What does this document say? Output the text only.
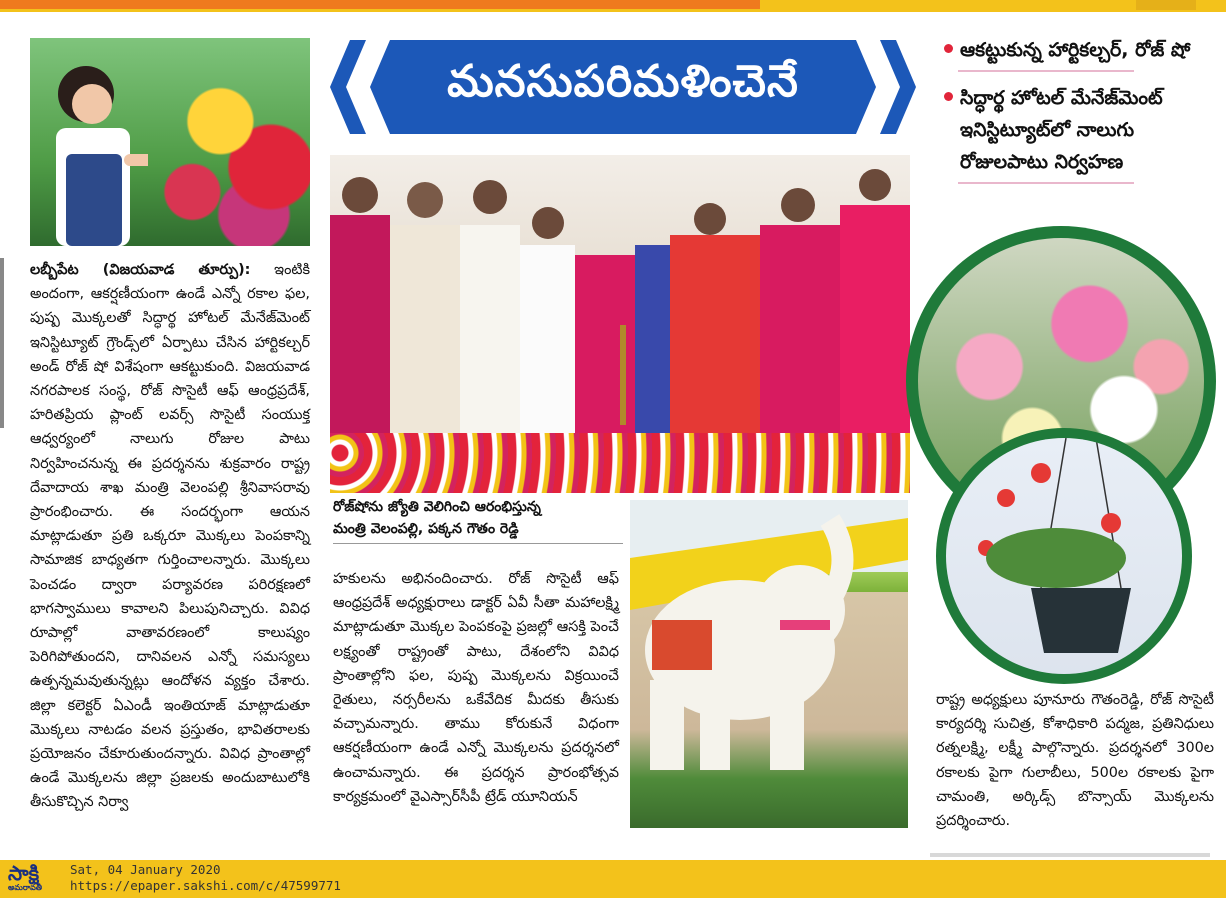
మనసుపరిమళించెనే

రోజ్‌షోను జ్యోతి వెలిగించి ఆరంభిస్తున్న

మంత్రి వెలంపల్లి, పక్కన గౌతం రెడ్డి

ఆకట్టుకున్న హార్టికల్చర్, రోజ్ షో
సిద్ధార్థ హోటల్ మేనేజ్‌మెంట్ ఇనిస్టిట్యూట్‌లో నాలుగు రోజులపాటు నిర్వహణ

లబ్బీపేట (విజయవాడ తూర్పు): ఇంటికి అందంగా, ఆకర్షణీయంగా ఉండే ఎన్నో రకాల ఫల, పుష్ప మొక్కలతో సిద్ధార్థ హోటల్ మేనేజ్‌మెంట్ ఇనిస్టిట్యూట్ గ్రౌండ్స్‌లో ఏర్పాటు చేసిన హార్టికల్చర్ అండ్ రోజ్ షో విశేషంగా ఆకట్టుకుంది. విజయవాడ నగరపాలక సంస్థ, రోజ్ సొసైటీ ఆఫ్ ఆంధ్రప్రదేశ్, హరితప్రియ ప్లాంట్ లవర్స్ సొసైటీ సంయుక్త ఆధ్వర్యంలో నాలుగు రోజుల పాటు నిర్వహించనున్న ఈ ప్రదర్శనను శుక్రవారం రాష్ట్ర దేవాదాయ శాఖ మంత్రి వెలంపల్లి శ్రీనివాసరావు ప్రారంభించారు. ఈ సందర్భంగా ఆయన మాట్లాడుతూ ప్రతి ఒక్కరూ మొక్కలు పెంపకాన్ని సామాజిక బాధ్యతగా గుర్తించాలన్నారు. మొక్కలు పెంచడం ద్వారా పర్యావరణ పరిరక్షణలో భాగస్వాములు కావాలని పిలుపునిచ్చారు. వివిధ రూపాల్లో వాతావరణంలో కాలుష్యం పెరిగిపోతుందని, దానివలన ఎన్నో సమస్యలు ఉత్పన్నమవుతున్నట్లు ఆందోళన వ్యక్తం చేశారు. జిల్లా కలెక్టర్ ఏఎండీ ఇంతియాజ్ మాట్లాడుతూ మొక్కలు నాటడం వలన ప్రస్తుతం, భావితరాలకు ప్రయోజనం చేకూరుతుందన్నారు. వివిధ ప్రాంతాల్లో ఉండే మొక్కలను జిల్లా ప్రజలకు అందుబాటులోకి తీసుకొచ్చిన నిర్వా

హకులను అభినందించారు. రోజ్ సొసైటీ ఆఫ్ ఆంధ్రప్రదేశ్ అధ్యక్షురాలు డాక్టర్ ఏవీ సీతా మహాలక్ష్మి మాట్లాడుతూ మొక్కల పెంపకంపై ప్రజల్లో ఆసక్తి పెంచే లక్ష్యంతో రాష్ట్రంతో పాటు, దేశంలోని వివిధ ప్రాంతాల్లోని ఫల, పుష్ప మొక్కలను విక్రయించే రైతులు, నర్సరీలను ఒకేవేదిక మీదకు తీసుకు వచ్చామన్నారు. తాము కోరుకునే విధంగా ఆకర్షణీయంగా ఉండే ఎన్నో మొక్కలను ప్రదర్శనలో ఉంచామన్నారు. ఈ ప్రదర్శన ప్రారంభోత్సవ కార్యక్రమంలో వైఎస్సార్‌సీపీ ట్రేడ్ యూనియన్

రాష్ట్ర అధ్యక్షులు పూనూరు గౌతంరెడ్డి, రోజ్ సొసైటీ కార్యదర్శి సుచిత్ర, కోశాధికారి పద్మజ, ప్రతినిధులు రత్నలక్ష్మి, లక్ష్మీ పాల్గొన్నారు. ప్రదర్శనలో 300ల రకాలకు పైగా గులాబీలు, 500ల రకాలకు పైగా చామంతి, అర్కిడ్స్ బొన్సాయ్ మొక్కలను ప్రదర్శించారు.

సాక్షి
అమరావతి
Sat, 04 January 2020
https://epaper.sakshi.com/c/47599771
